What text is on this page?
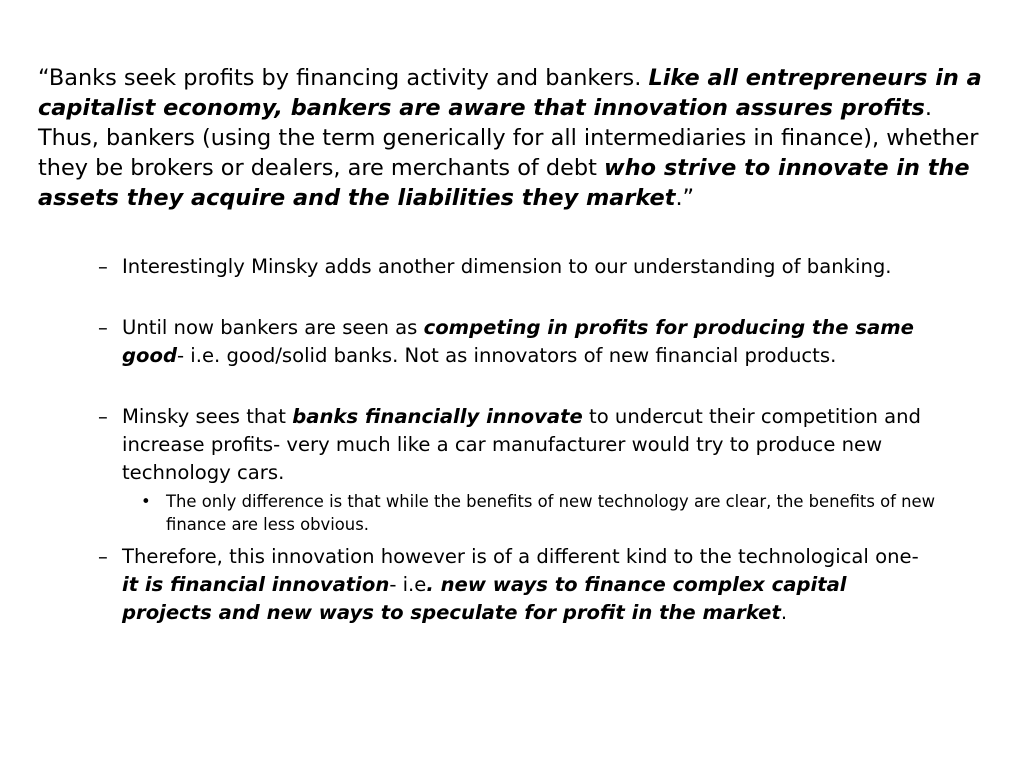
“Banks seek profits by financing activity and bankers. Like all entrepreneurs in a capitalist economy, bankers are aware that innovation assures profits. Thus, bankers (using the term generically for all intermediaries in finance), whether they be brokers or dealers, are merchants of debt who strive to innovate in the assets they acquire and the liabilities they market.”

– Interestingly Minsky adds another dimension to our understanding of banking.
– Until now bankers are seen as competing in profits for producing the same good- i.e. good/solid banks. Not as innovators of new financial products.
– Minsky sees that banks financially innovate to undercut their competition and increase profits- very much like a car manufacturer would try to produce new technology cars.
• The only difference is that while the benefits of new technology are clear, the benefits of new finance are less obvious.
– Therefore, this innovation however is of a different kind to the technological one- it is financial innovation- i.e. new ways to finance complex capital projects and new ways to speculate for profit in the market.
